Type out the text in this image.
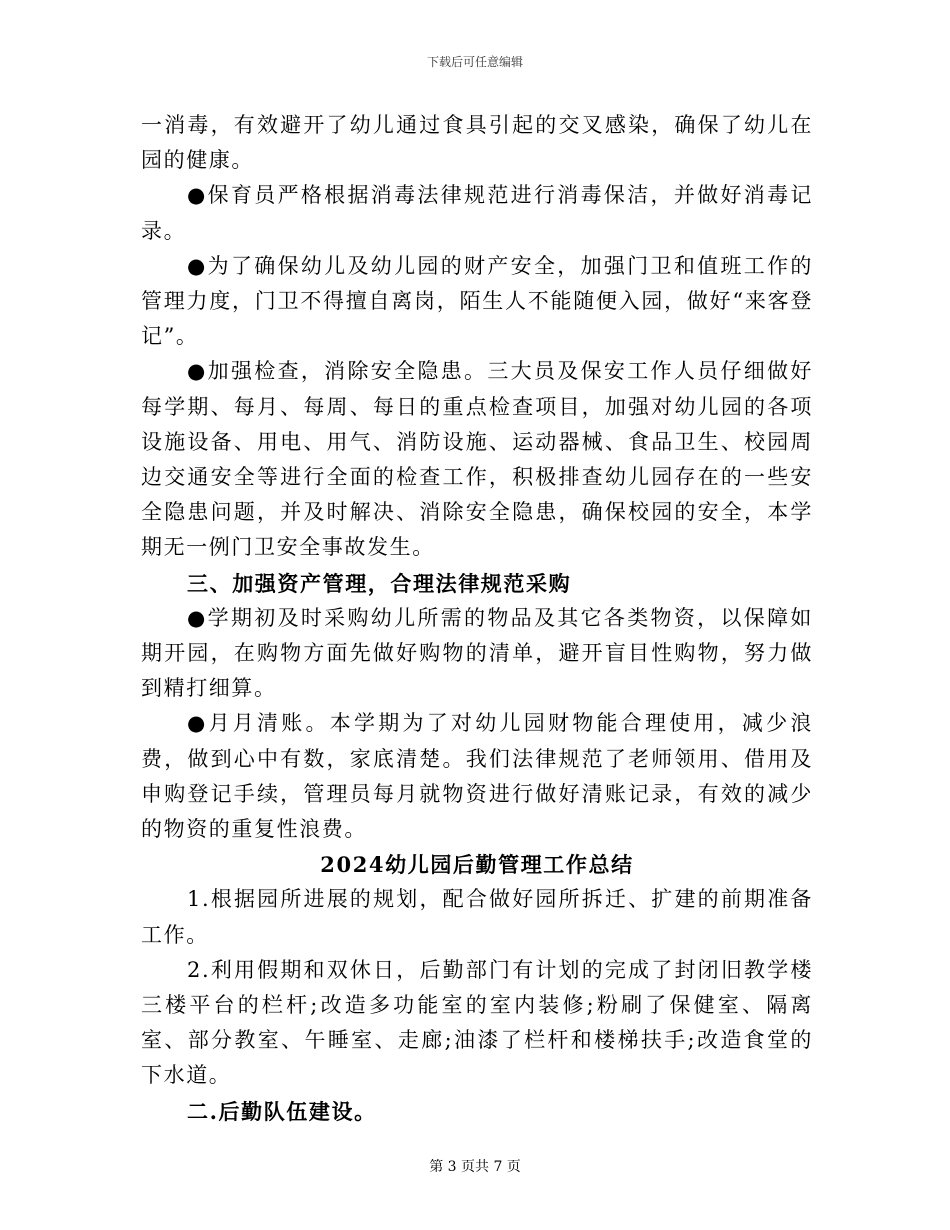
下载后可任意编辑

一消毒，有效避开了幼儿通过食具引起的交叉感染，确保了幼儿在园的健康。

●保育员严格根据消毒法律规范进行消毒保洁，并做好消毒记录。

●为了确保幼儿及幼儿园的财产安全，加强门卫和值班工作的管理力度，门卫不得擅自离岗，陌生人不能随便入园，做好“来客登记”。

●加强检查，消除安全隐患。三大员及保安工作人员仔细做好每学期、每月、每周、每日的重点检查项目，加强对幼儿园的各项设施设备、用电、用气、消防设施、运动器械、食品卫生、校园周边交通安全等进行全面的检查工作，积极排查幼儿园存在的一些安全隐患问题，并及时解决、消除安全隐患，确保校园的安全，本学期无一例门卫安全事故发生。

三、加强资产管理，合理法律规范采购

●学期初及时采购幼儿所需的物品及其它各类物资，以保障如期开园，在购物方面先做好购物的清单，避开盲目性购物，努力做到精打细算。

●月月清账。本学期为了对幼儿园财物能合理使用，减少浪费，做到心中有数，家底清楚。我们法律规范了老师领用、借用及申购登记手续，管理员每月就物资进行做好清账记录，有效的减少的物资的重复性浪费。

2024幼儿园后勤管理工作总结

1.根据园所进展的规划，配合做好园所拆迁、扩建的前期准备工作。

2.利用假期和双休日，后勤部门有计划的完成了封闭旧教学楼三楼平台的栏杆;改造多功能室的室内装修;粉刷了保健室、隔离室、部分教室、午睡室、走廊;油漆了栏杆和楼梯扶手;改造食堂的下水道。

二.后勤队伍建设。

第 3 页共 7 页
